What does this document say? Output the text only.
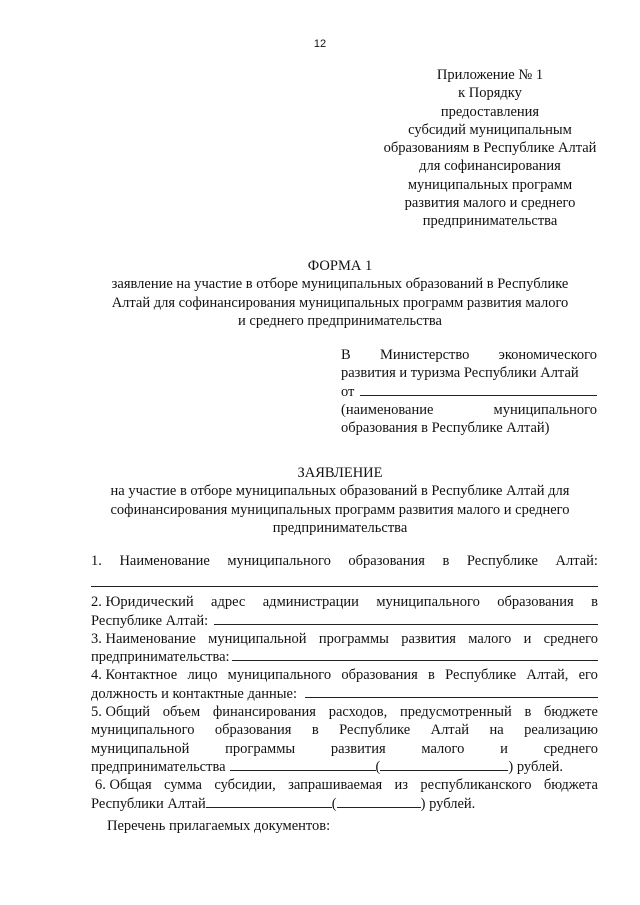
12
Приложение № 1
к Порядку
предоставления
субсидий муниципальным
образованиям в Республике Алтай
для софинансирования
муниципальных программ
развития малого и среднего
предпринимательства
ФОРМА 1
заявление на участие в отборе муниципальных образований в Республике
Алтай для софинансирования муниципальных программ развития малого
и среднего предпринимательства
В Министерство экономического
развития и туризма Республики Алтай
от
(наименование	муниципального
образования в Республике Алтай)
ЗАЯВЛЕНИЕ
на участие в отборе муниципальных образований в Республике Алтай для
софинансирования муниципальных программ развития малого и среднего
предпринимательства
1. Наименование муниципального образования в Республике Алтай:
2. Юридический адрес администрации муниципального образования в
Республике Алтай:
3. Наименование муниципальной программы развития малого и среднего
предпринимательства:
4. Контактное лицо муниципального образования в Республике Алтай, его
должность и контактные данные:
5. Общий объем финансирования расходов, предусмотренный в бюджете
муниципального образования в Республике Алтай на реализацию
муниципальной программы развития малого и среднего
предпринимательства	(	) рублей.
6. Общая сумма субсидии, запрашиваемая из республиканского бюджета
Республики Алтай	(	) рублей.
Перечень прилагаемых документов:
